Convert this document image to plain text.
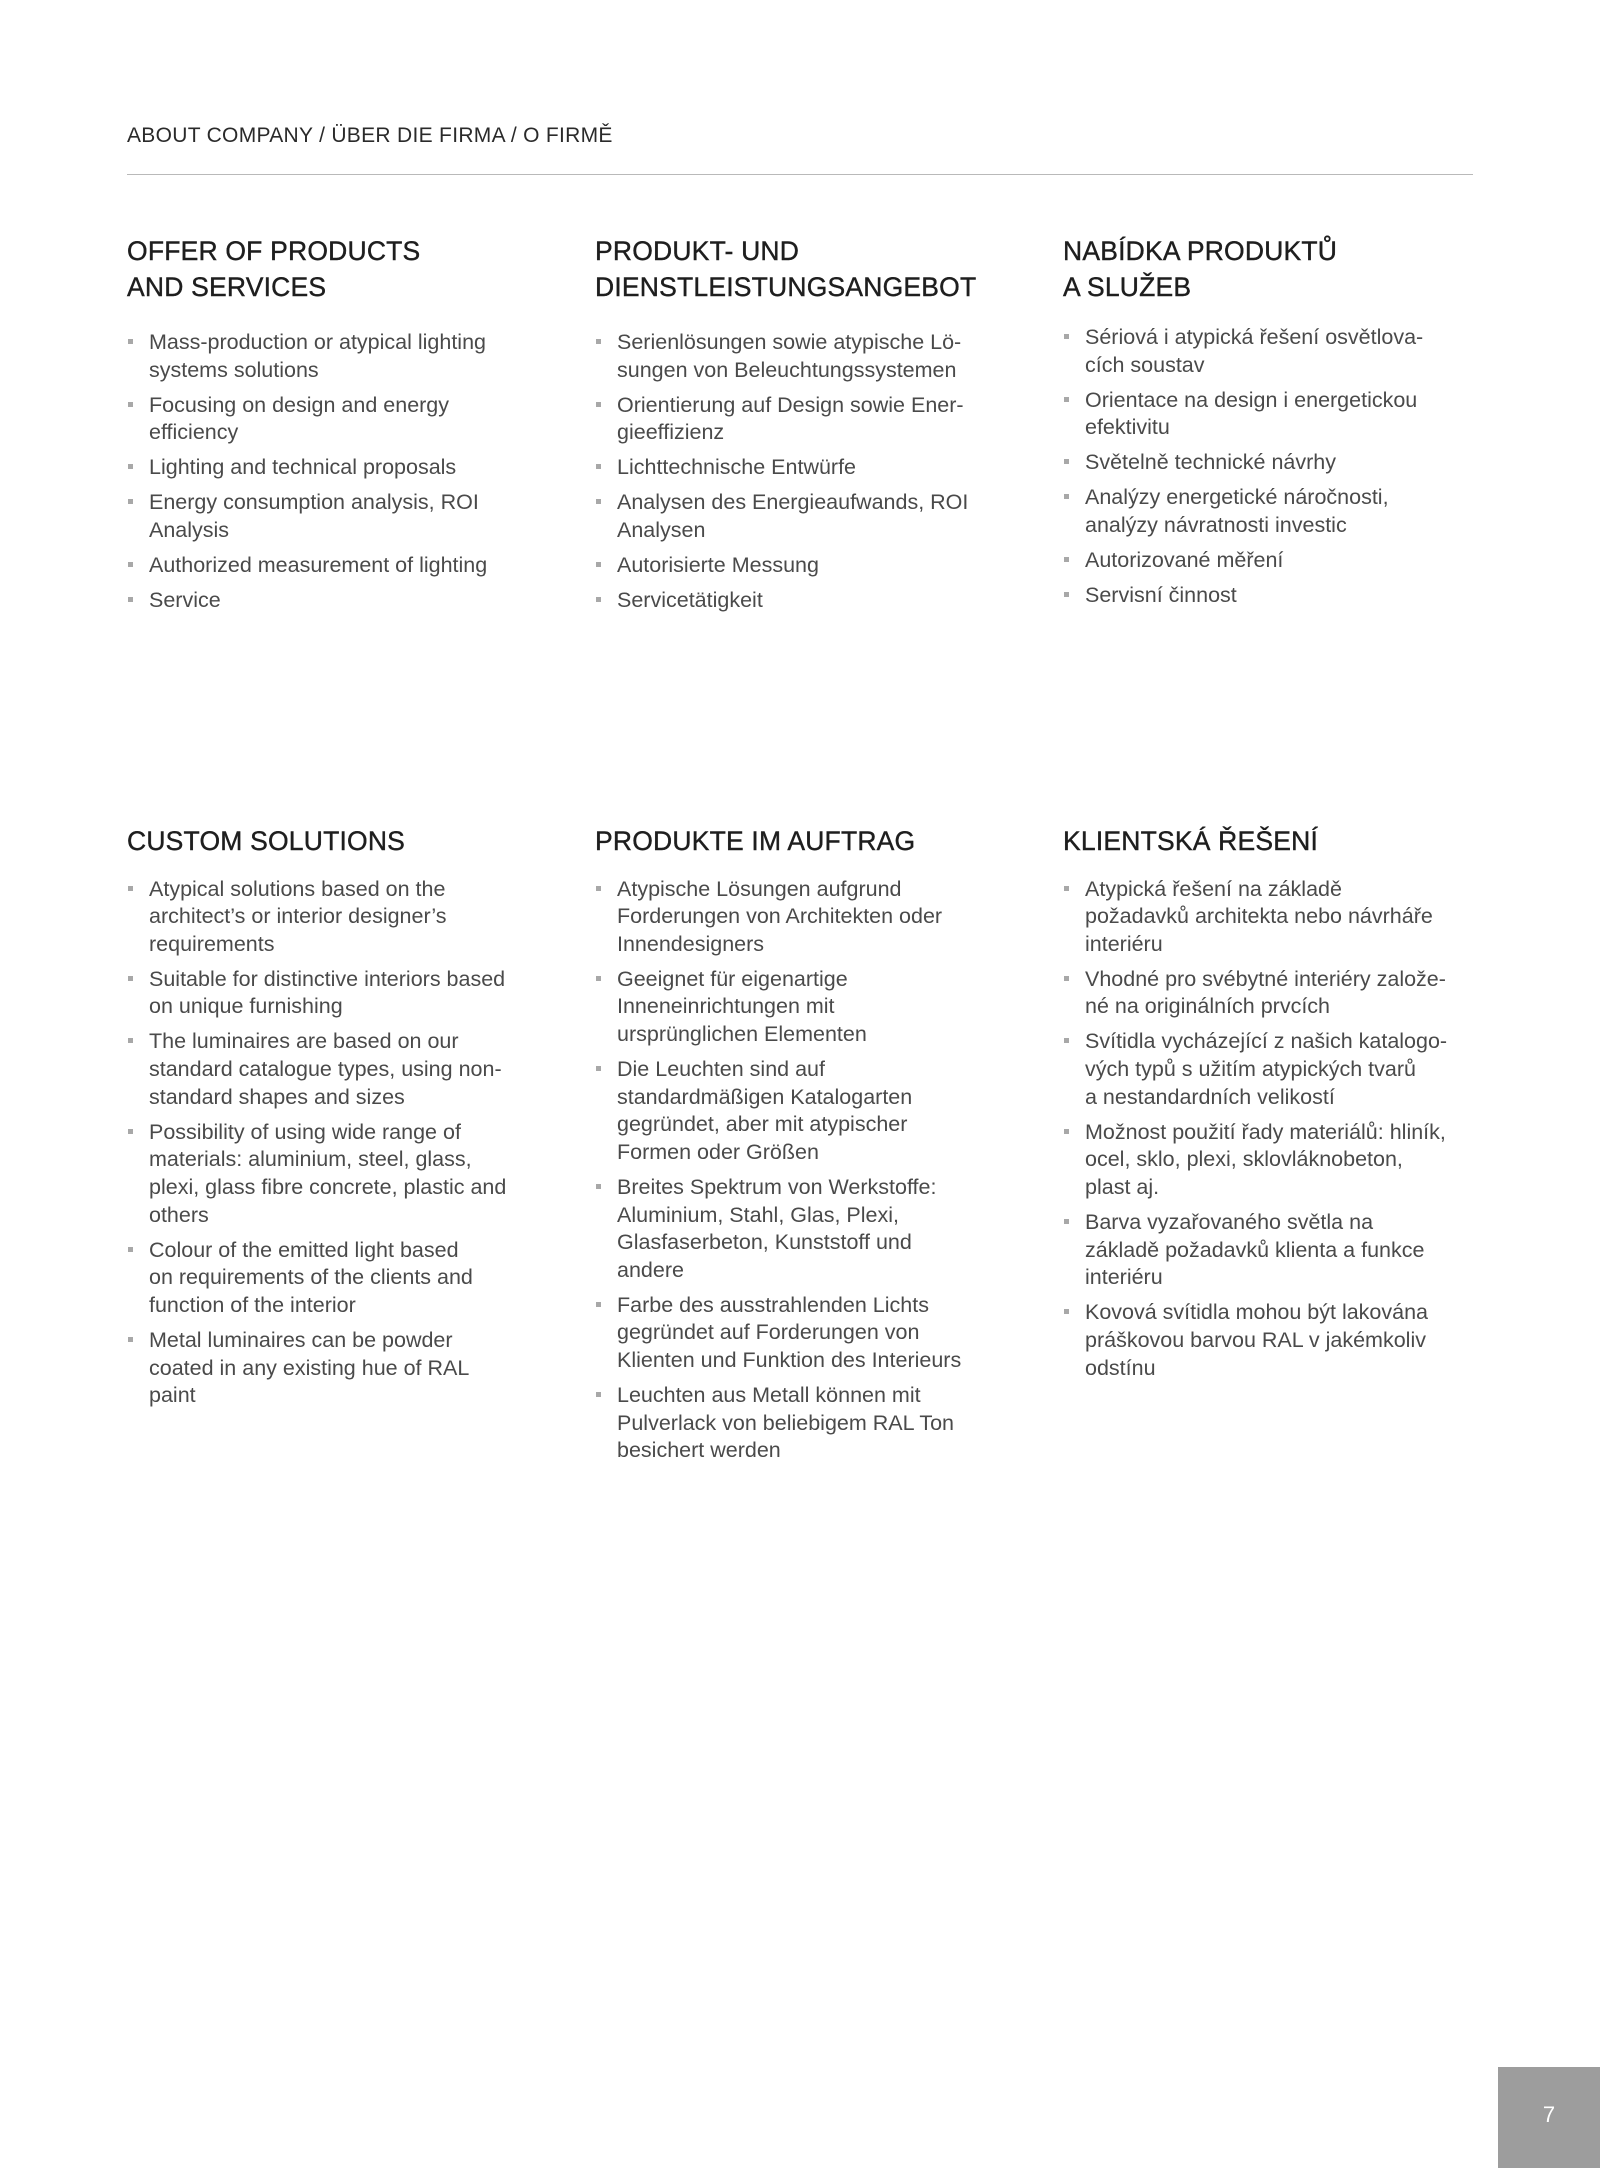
ABOUT COMPANY / ÜBER DIE FIRMA / O FIRMĚ
OFFER OF PRODUCTS
AND SERVICES
Mass-production or atypical lighting
systems solutions
Focusing on design and energy
efficiency
Lighting and technical proposals
Energy consumption analysis, ROI
Analysis
Authorized measurement of lighting
Service
PRODUKT- UND
DIENSTLEISTUNGSANGEBOT
Serienlösungen sowie atypische Lö-
sungen von Beleuchtungssystemen
Orientierung auf Design sowie Ener-
gieeffizienz
Lichttechnische Entwürfe
Analysen des Energieaufwands, ROI
Analysen
Autorisierte Messung
Servicetätigkeit
NABÍDKA PRODUKTŮ
A SLUŽEB
Sériová i atypická řešení osvětlova-
cích soustav
Orientace na design i energetickou
efektivitu
Světelně technické návrhy
Analýzy energetické náročnosti,
analýzy návratnosti investic
Autorizované měření
Servisní činnost
CUSTOM SOLUTIONS
Atypical solutions based on the
architect’s or interior designer’s
requirements
Suitable for distinctive interiors based
on unique furnishing
The luminaires are based on our
standard catalogue types, using non-
standard shapes and sizes
Possibility of using wide range of
materials: aluminium, steel, glass,
plexi, glass fibre concrete, plastic and
others
Colour of the emitted light based
on requirements of the clients and
function of the interior
Metal luminaires can be powder
coated in any existing hue of RAL
paint
PRODUKTE IM AUFTRAG
Atypische Lösungen aufgrund
Forderungen von Architekten oder
Innendesigners
Geeignet für eigenartige
Inneneinrichtungen mit
ursprünglichen Elementen
Die Leuchten sind auf
standardmäßigen Katalogarten
gegründet, aber mit atypischer
Formen oder Größen
Breites Spektrum von Werkstoffe:
Aluminium, Stahl, Glas, Plexi,
Glasfaserbeton, Kunststoff und
andere
Farbe des ausstrahlenden Lichts
gegründet auf Forderungen von
Klienten und Funktion des Interieurs
Leuchten aus Metall können mit
Pulverlack von beliebigem RAL Ton
besichert werden
KLIENTSKÁ ŘEŠENÍ
Atypická řešení na základě
požadavků architekta nebo návrháře
interiéru
Vhodné pro svébytné interiéry založe-
né na originálních prvcích
Svítidla vycházející z našich katalogo-
vých typů s užitím atypických tvarů
a nestandardních velikostí
Možnost použití řady materiálů: hliník,
ocel, sklo, plexi, sklovláknobeton,
plast aj.
Barva vyzařovaného světla na
základě požadavků klienta a funkce
interiéru
Kovová svítidla mohou být lakována
práškovou barvou RAL v jakémkoliv
odstínu
7
